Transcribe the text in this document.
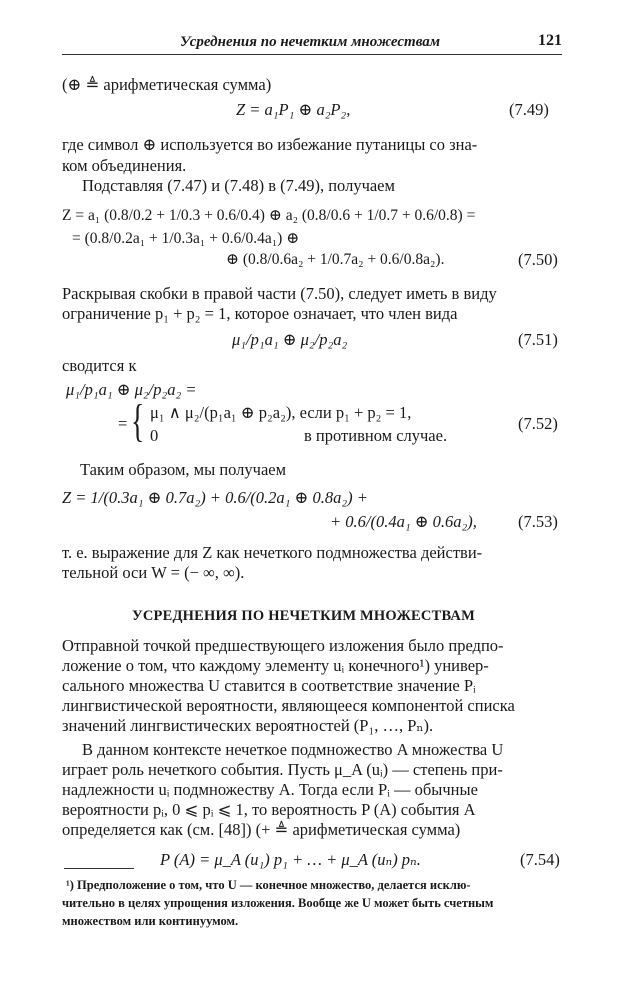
Усреднения по нечетким множествам	121
(⊕ ≜ арифметическая сумма)
Z = a₁P₁ ⊕ a₂P₂,	(7.49)
где символ ⊕ используется во избежание путаницы со зна-
ком объединения.
Подставляя (7.47) и (7.48) в (7.49), получаем
Z = a₁ (0.8/0.2 + 1/0.3 + 0.6/0.4) ⊕ a₂ (0.8/0.6 + 1/0.7 + 0.6/0.8) =
= (0.8/0.2a₁ + 1/0.3a₁ + 0.6/0.4a₁) ⊕
⊕ (0.8/0.6a₂ + 1/0.7a₂ + 0.6/0.8a₂).	(7.50)
Раскрывая скобки в правой части (7.50), следует иметь в виду
ограничение p₁ + p₂ = 1, которое означает, что член вида
μ₁/p₁a₁ ⊕ μ₂/p₂a₂	(7.51)
сводится к
μ₁/p₁a₁ ⊕ μ₂/p₂a₂ =
= { μ₁ ∧ μ₂/(p₁a₁ ⊕ p₂a₂), если p₁ + p₂ = 1,
(7.52)
0	в противном случае.
Таким образом, мы получаем
Z = 1/(0.3a₁ ⊕ 0.7a₂) + 0.6/(0.2a₁ ⊕ 0.8a₂) +
+ 0.6/(0.4a₁ ⊕ 0.6a₂), (7.53)
т. е. выражение для Z как нечеткого подмножества действи-
тельной оси W = (− ∞, ∞).
УСРЕДНЕНИЯ ПО НЕЧЕТКИМ МНОЖЕСТВАМ
Отправной точкой предшествующего изложения было предпо-
ложение о том, что каждому элементу uᵢ конечного¹) универ-
сального множества U ставится в соответствие значение Pᵢ
лингвистической вероятности, являющееся компонентой списка
значений лингвистических вероятностей (P₁, …, Pₙ).
В данном контексте нечеткое подмножество A множества U
играет роль нечеткого события. Пусть μ_A (uᵢ) — степень при-
надлежности uᵢ подмножеству A. Тогда если Pᵢ — обычные
вероятности pᵢ, 0 ⩽ pᵢ ⩽ 1, то вероятность P (A) события A
определяется как (см. [48]) (+ ≜ арифметическая сумма)
P (A) = μ_A (u₁) p₁ + … + μ_A (uₙ) pₙ.	(7.54)
¹) Предположение о том, что U — конечное множество, делается исклю-
чительно в целях упрощения изложения. Вообще же U может быть счетным
множеством или континуумом.
